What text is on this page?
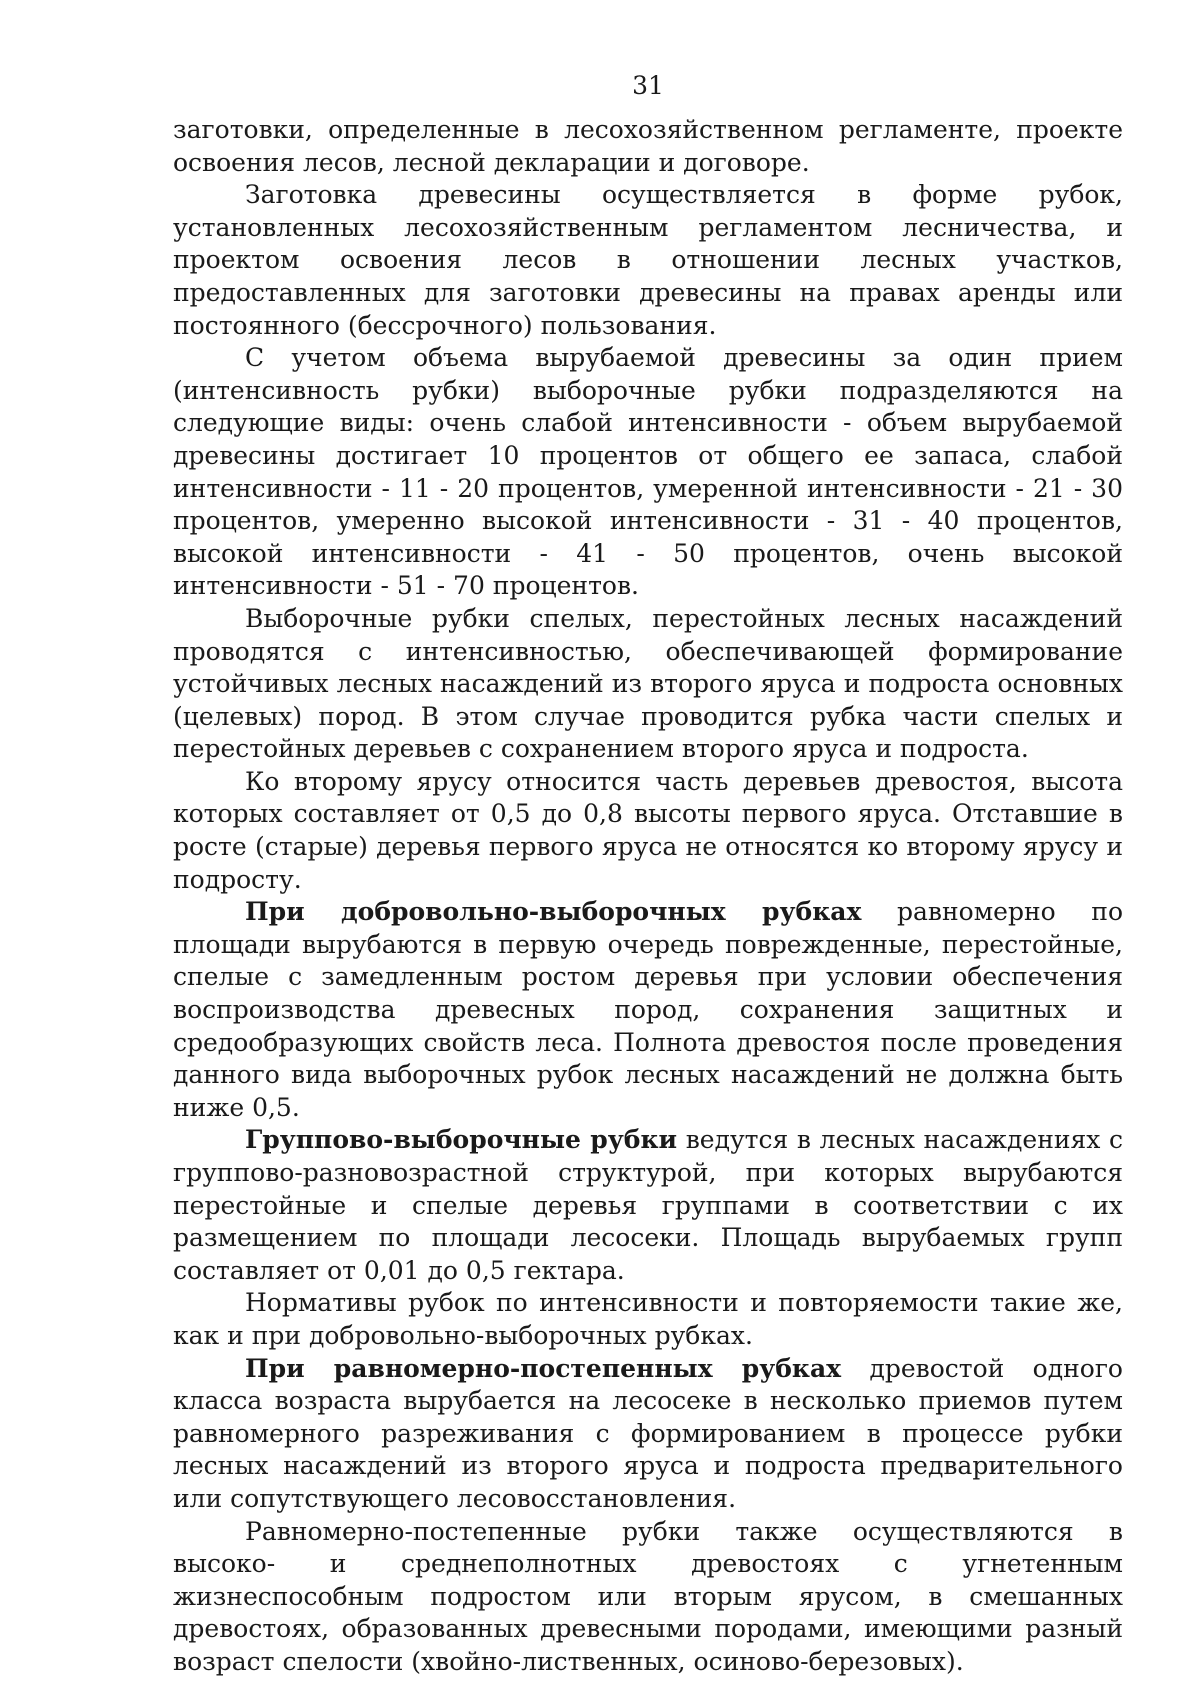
31

заготовки, определенные в лесохозяйственном регламенте, проекте освоения лесов, лесной декларации и договоре.

Заготовка древесины осуществляется в форме рубок, установленных лесохозяйственным регламентом лесничества, и проектом освоения лесов в отношении лесных участков, предоставленных для заготовки древесины на правах аренды или постоянного (бессрочного) пользования.

С учетом объема вырубаемой древесины за один прием (интенсивность рубки) выборочные рубки подразделяются на следующие виды: очень слабой интенсивности - объем вырубаемой древесины достигает 10 процентов от общего ее запаса, слабой интенсивности - 11 - 20 процентов, умеренной интенсивности - 21 - 30 процентов, умеренно высокой интенсивности - 31 - 40 процентов, высокой интенсивности - 41 - 50 процентов, очень высокой интенсивности - 51 - 70 процентов.

Выборочные рубки спелых, перестойных лесных насаждений проводятся с интенсивностью, обеспечивающей формирование устойчивых лесных насаждений из второго яруса и подроста основных (целевых) пород. В этом случае проводится рубка части спелых и перестойных деревьев с сохранением второго яруса и подроста.

Ко второму ярусу относится часть деревьев древостоя, высота которых составляет от 0,5 до 0,8 высоты первого яруса. Отставшие в росте (старые) деревья первого яруса не относятся ко второму ярусу и подросту.

При добровольно-выборочных рубках равномерно по площади вырубаются в первую очередь поврежденные, перестойные, спелые с замедленным ростом деревья при условии обеспечения воспроизводства древесных пород, сохранения защитных и средообразующих свойств леса. Полнота древостоя после проведения данного вида выборочных рубок лесных насаждений не должна быть ниже 0,5.

Группово-выборочные рубки ведутся в лесных насаждениях с группово-разновозрастной структурой, при которых вырубаются перестойные и спелые деревья группами в соответствии с их размещением по площади лесосеки. Площадь вырубаемых групп составляет от 0,01 до 0,5 гектара.

Нормативы рубок по интенсивности и повторяемости такие же, как и при добровольно-выборочных рубках.

При равномерно-постепенных рубках древостой одного класса возраста вырубается на лесосеке в несколько приемов путем равномерного разреживания с формированием в процессе рубки лесных насаждений из второго яруса и подроста предварительного или сопутствующего лесовосстановления.

Равномерно-постепенные рубки также осуществляются в высоко- и среднеполнотных древостоях с угнетенным жизнеспособным подростом или вторым ярусом, в смешанных древостоях, образованных древесными породами, имеющими разный возраст спелости (хвойно-лиственных, осиново-березовых).
